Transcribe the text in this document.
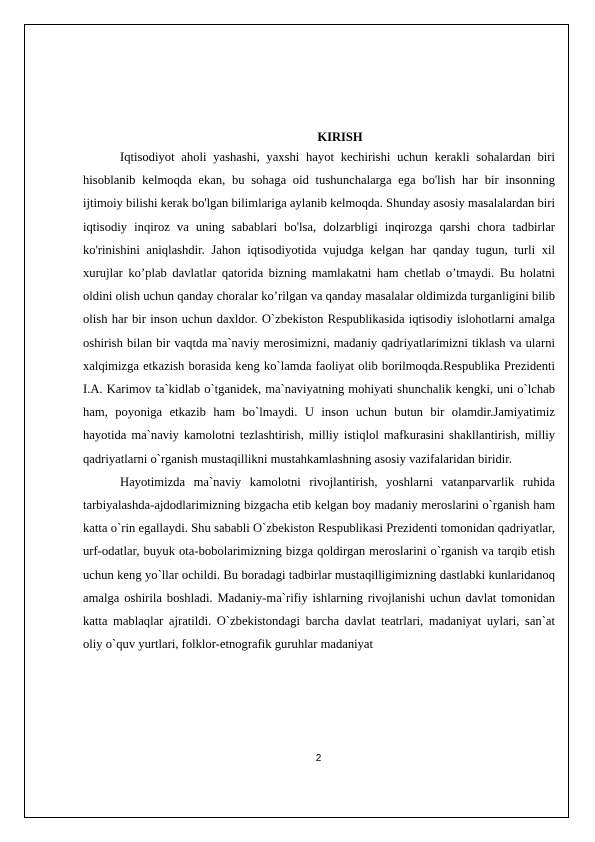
KIRISH

Iqtisodiyot aholi yashashi, yaxshi hayot kechirishi uchun kerakli sohalardan biri hisoblanib kelmoqda ekan, bu sohaga oid tushunchalarga ega bo'lish har bir insonning ijtimoiy bilishi kerak bo'lgan bilimlariga aylanib kelmoqda. Shunday asosiy masalalardan biri iqtisodiy inqiroz va uning sabablari bo'lsa, dolzarbligi inqirozga qarshi chora tadbirlar ko'rinishini aniqlashdir. Jahon iqtisodiyotida vujudga kelgan har qanday tugun, turli xil xurujlar ko’plab davlatlar qatorida bizning mamlakatni ham chetlab o’tmaydi. Bu holatni oldini olish uchun qanday choralar ko’rilgan va qanday masalalar oldimizda turganligini bilib olish har bir inson uchun daxldor. O`zbekiston Respublikasida iqtisodiy islohotlarni amalga oshirish bilan bir vaqtda ma`naviy merosimizni, madaniy qadriyatlarimizni tiklash va ularni xalqimizga etkazish borasida keng ko`lamda faoliyat olib borilmoqda.Respublika Prezidenti I.A. Karimov ta`kidlab o`tganidek, ma`naviyatning mohiyati shunchalik kengki, uni o`lchab ham, poyoniga etkazib ham bo`lmaydi. U inson uchun butun bir olamdir.Jamiyatimiz hayotida ma`naviy kamolotni tezlashtirish, milliy istiqlol mafkurasini shakllantirish, milliy qadriyatlarni o`rganish mustaqillikni mustahkamlashning asosiy vazifalaridan biridir.

Hayotimizda ma`naviy kamolotni rivojlantirish, yoshlarni vatanparvarlik ruhida tarbiyalashda-ajdodlarimizning bizgacha etib kelgan boy madaniy meroslarini o`rganish ham katta o`rin egallaydi. Shu sababli O`zbekiston Respublikasi Prezidenti tomonidan qadriyatlar, urf-odatlar, buyuk ota-bobolarimizning bizga qoldirgan meroslarini o`rganish va tarqib etish uchun keng yo`llar ochildi. Bu boradagi tadbirlar mustaqilligimizning dastlabki kunlaridanoq amalga oshirila boshladi. Madaniy-ma`rifiy ishlarning rivojlanishi uchun davlat tomonidan katta mablaqlar ajratildi. O`zbekistondagi barcha davlat teatrlari, madaniyat uylari, san`at oliy o`quv yurtlari, folklor-etnografik guruhlar madaniyat

2
